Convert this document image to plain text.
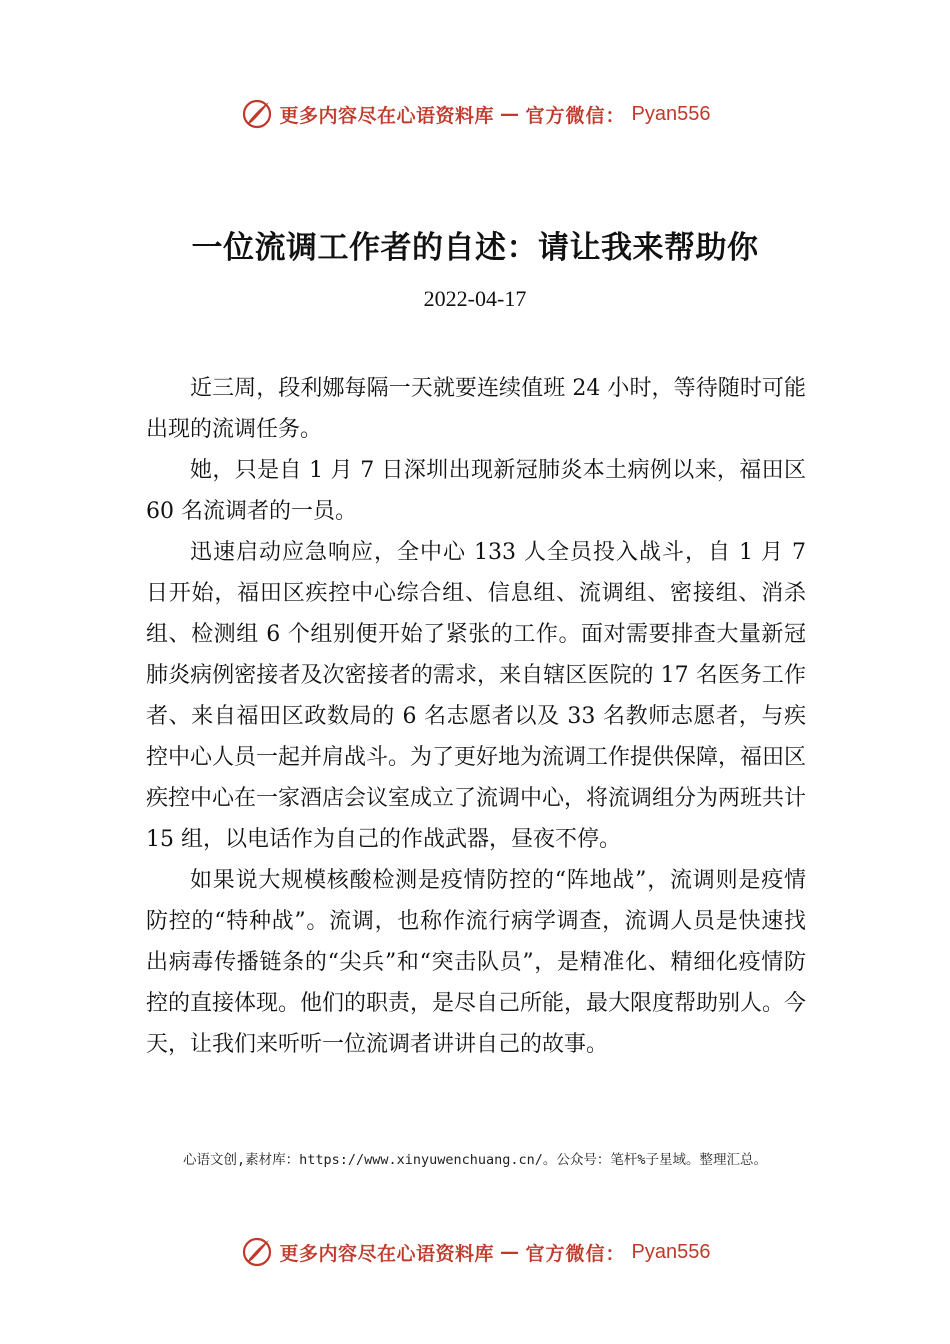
更多内容尽在心语资料库 — 官方微信： Pyan556
一位流调工作者的自述：请让我来帮助你
2022-04-17

近三周，段利娜每隔一天就要连续值班 24 小时，等待随时可能出现的流调任务。

她，只是自 1 月 7 日深圳出现新冠肺炎本土病例以来，福田区 60 名流调者的一员。

迅速启动应急响应，全中心 133 人全员投入战斗，自 1 月 7 日开始，福田区疾控中心综合组、信息组、流调组、密接组、消杀组、检测组 6 个组别便开始了紧张的工作。面对需要排查大量新冠肺炎病例密接者及次密接者的需求，来自辖区医院的 17 名医务工作者、来自福田区政数局的 6 名志愿者以及 33 名教师志愿者，与疾控中心人员一起并肩战斗。为了更好地为流调工作提供保障，福田区疾控中心在一家酒店会议室成立了流调中心，将流调组分为两班共计 15 组，以电话作为自己的作战武器，昼夜不停。

如果说大规模核酸检测是疫情防控的“阵地战”，流调则是疫情防控的“特种战”。流调，也称作流行病学调查，流调人员是快速找出病毒传播链条的“尖兵”和“突击队员”，是精准化、精细化疫情防控的直接体现。他们的职责，是尽自己所能，最大限度帮助别人。今天，让我们来听听一位流调者讲讲自己的故事。

心语文创,素材库：https://www.xinyuwenchuang.cn/。公众号：笔杆%子星域。整理汇总。
更多内容尽在心语资料库 — 官方微信： Pyan556
